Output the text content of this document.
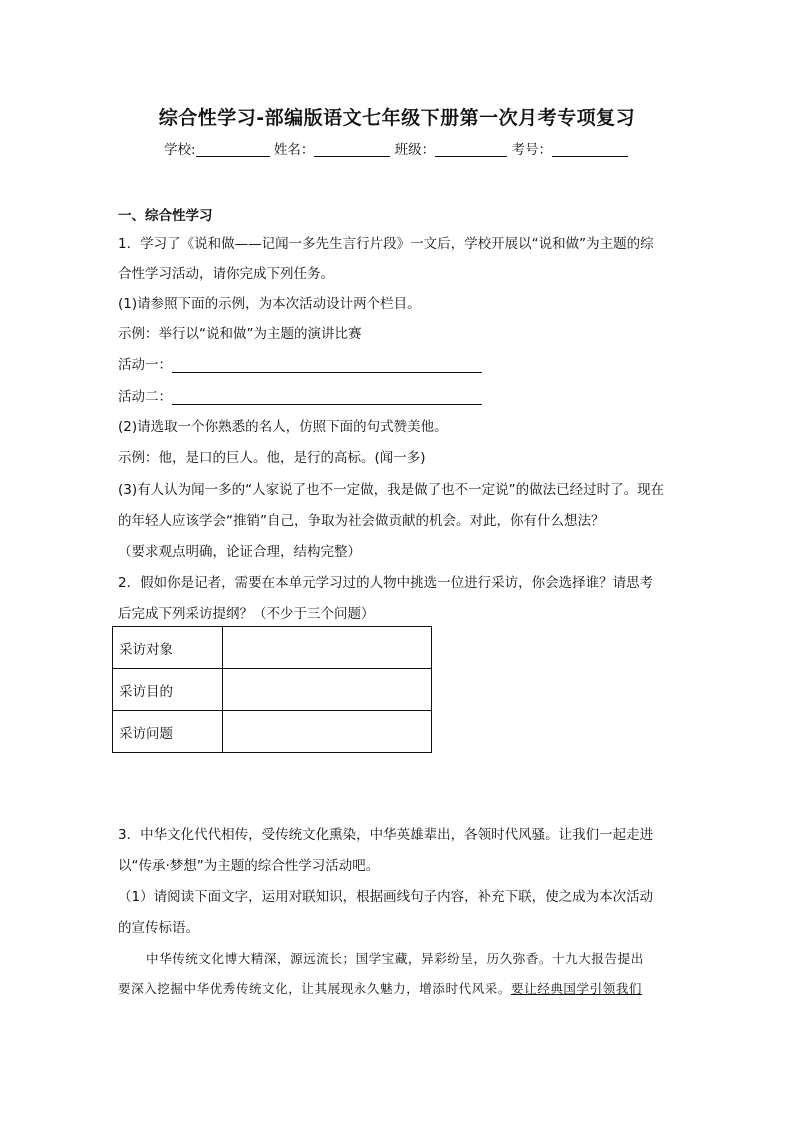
综合性学习-部编版语文七年级下册第一次月考专项复习
学校:	姓名：	班级：	考号：
一、综合性学习
1．学习了《说和做——记闻一多先生言行片段》一文后，学校开展以“说和做”为主题的综
合性学习活动，请你完成下列任务。
(1)请参照下面的示例，为本次活动设计两个栏目。
示例：举行以“说和做”为主题的演讲比赛
活动一：
活动二：
(2)请选取一个你熟悉的名人，仿照下面的句式赞美他。
示例：他，是口的巨人。他，是行的高标。(闻一多)
(3)有人认为闻一多的“人家说了也不一定做，我是做了也不一定说”的做法已经过时了。现在
的年轻人应该学会“推销”自己，争取为社会做贡献的机会。对此，你有什么想法？
（要求观点明确，论证合理，结构完整）
2．假如你是记者，需要在本单元学习过的人物中挑选一位进行采访，你会选择谁？请思考
后完成下列采访提纲？（不少于三个问题）
采访对象	
采访目的	
采访问题	
3．中华文化代代相传，受传统文化熏染，中华英雄辈出，各领时代风骚。让我们一起走进
以“传承·梦想”为主题的综合性学习活动吧。
（1）请阅读下面文字，运用对联知识，根据画线句子内容，补充下联，使之成为本次活动
的宣传标语。
中华传统文化博大精深，源远流长；国学宝藏，异彩纷呈，历久弥香。十九大报告提出
要深入挖掘中华优秀传统文化，让其展现永久魅力，增添时代风采。要让经典国学引领我们
